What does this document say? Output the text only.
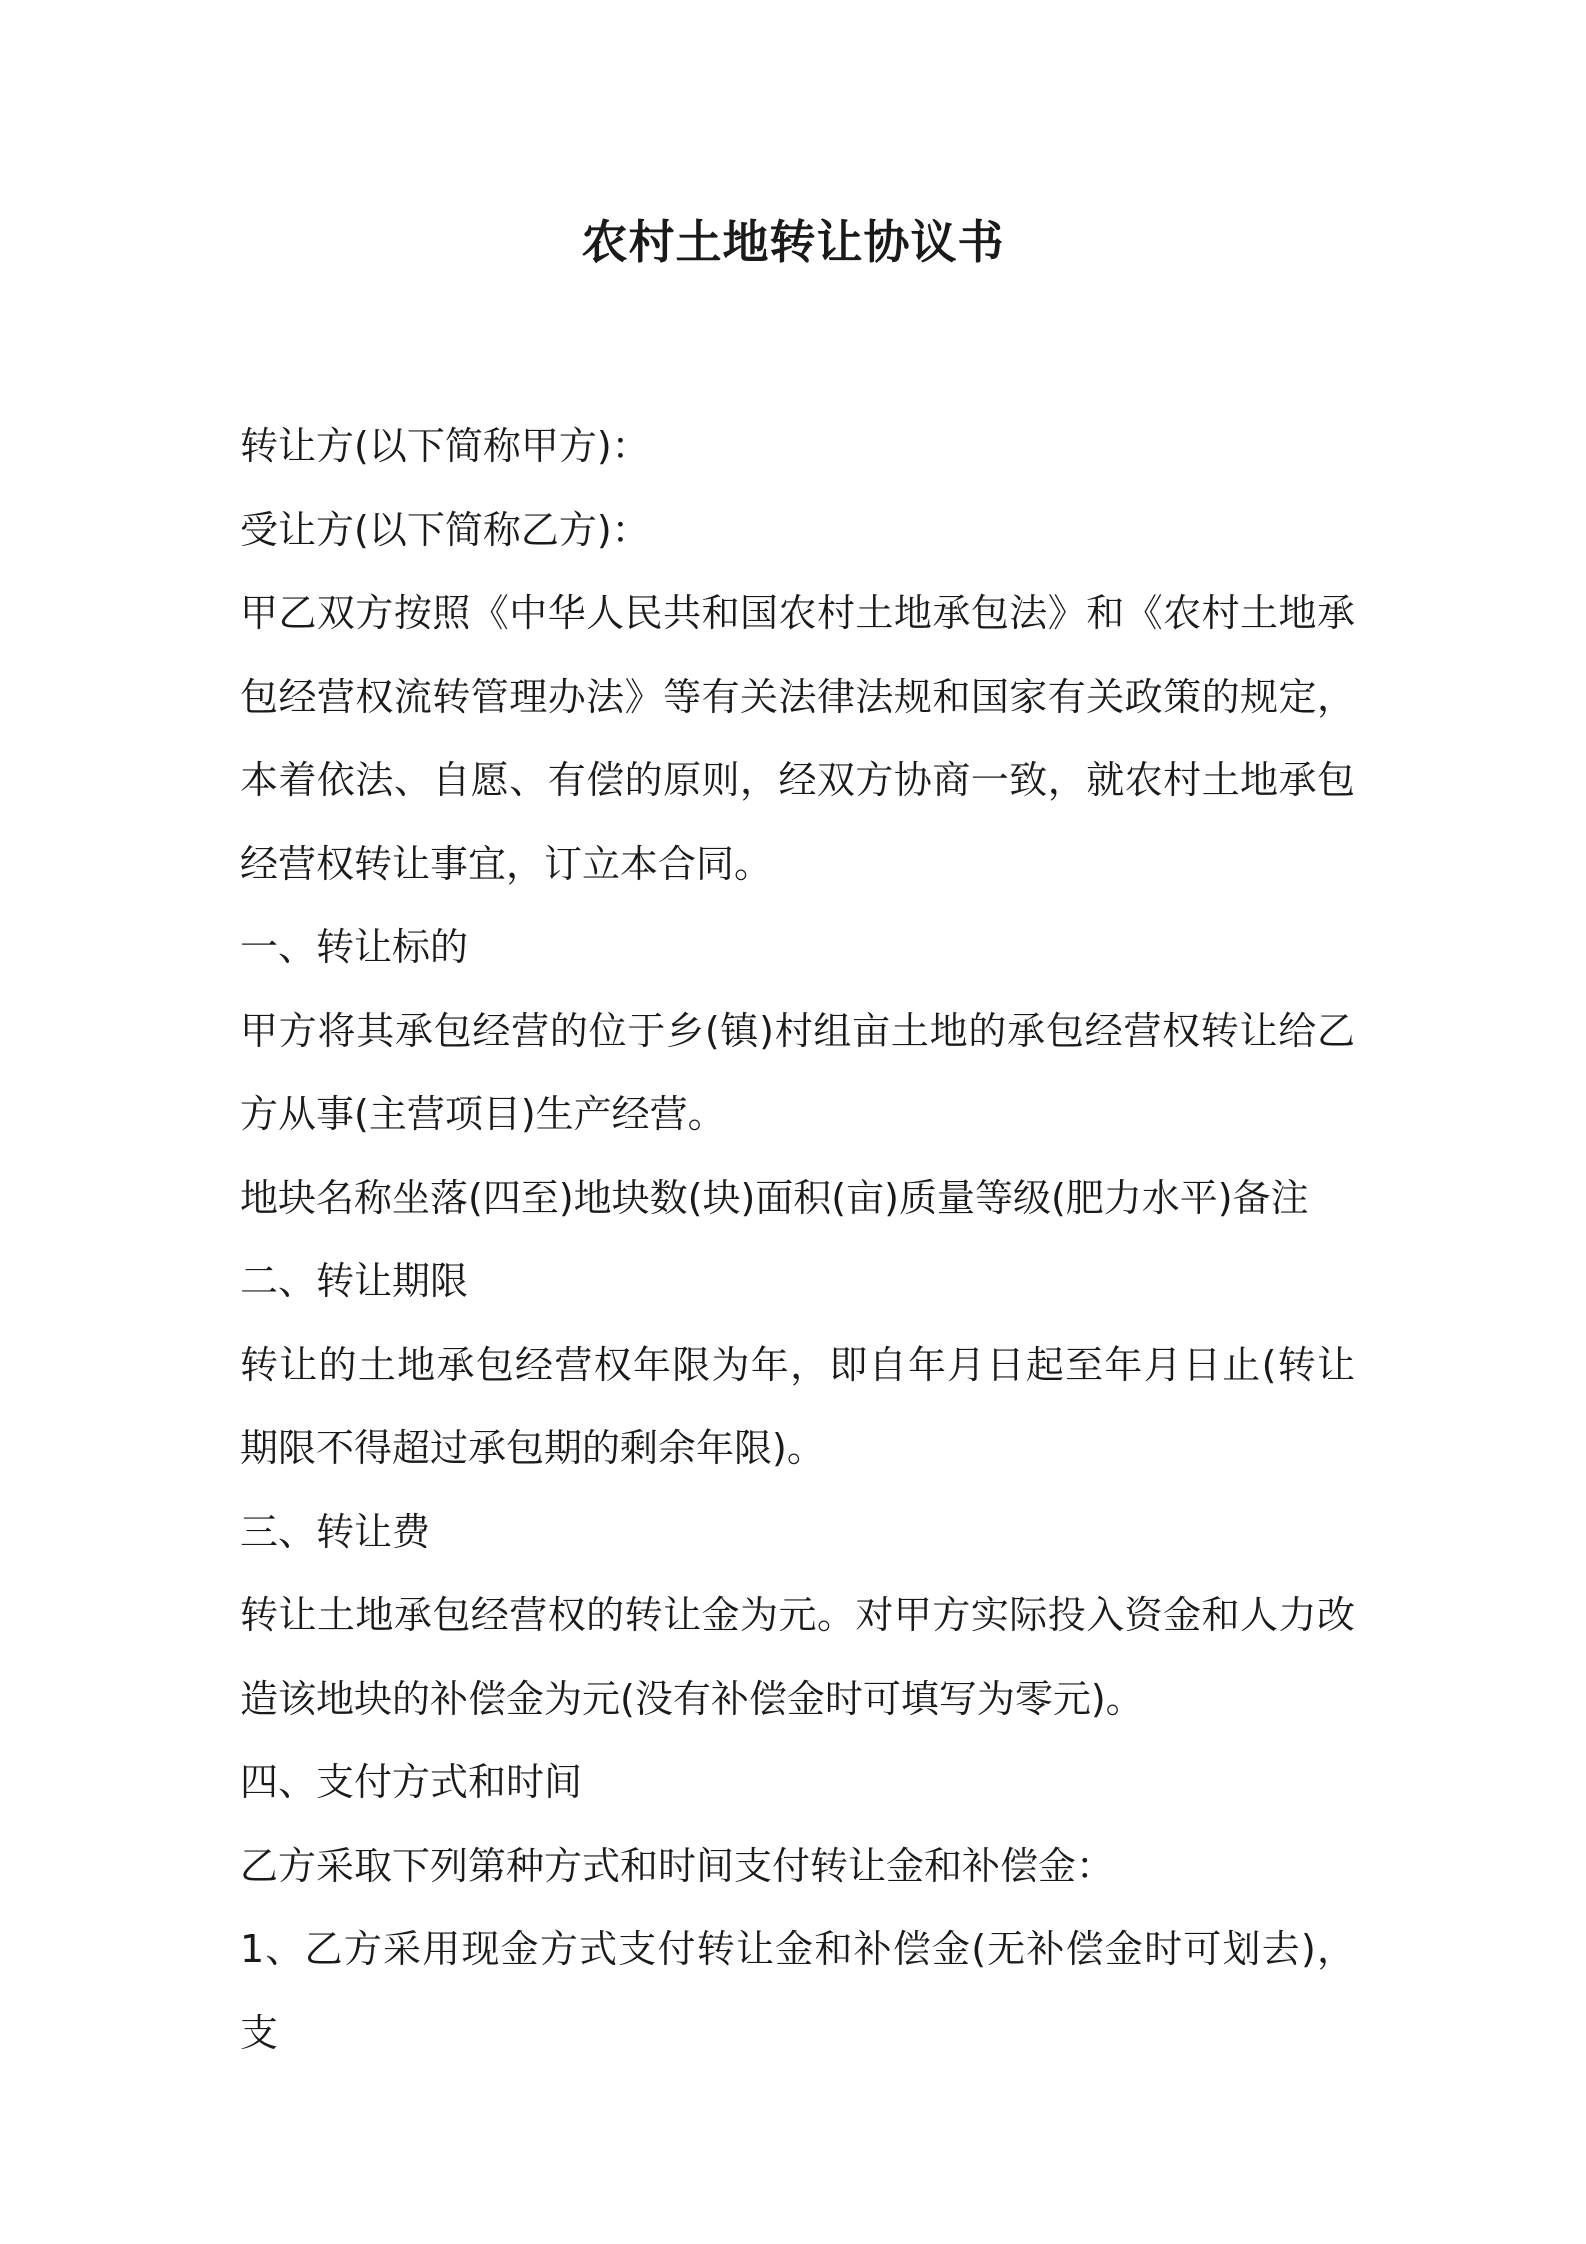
农村土地转让协议书

转让方(以下简称甲方)：

受让方(以下简称乙方)：

甲乙双方按照《中华人民共和国农村土地承包法》和《农村土地承包经营权流转管理办法》等有关法律法规和国家有关政策的规定，本着依法、自愿、有偿的原则，经双方协商一致，就农村土地承包经营权转让事宜，订立本合同。

一、转让标的

甲方将其承包经营的位于乡(镇)村组亩土地的承包经营权转让给乙方从事(主营项目)生产经营。

地块名称坐落(四至)地块数(块)面积(亩)质量等级(肥力水平)备注

二、转让期限

转让的土地承包经营权年限为年，即自年月日起至年月日止(转让期限不得超过承包期的剩余年限)。

三、转让费

转让土地承包经营权的转让金为元。对甲方实际投入资金和人力改造该地块的补偿金为元(没有补偿金时可填写为零元)。

四、支付方式和时间

乙方采取下列第种方式和时间支付转让金和补偿金：

1、乙方采用现金方式支付转让金和补偿金(无补偿金时可划去)，支
